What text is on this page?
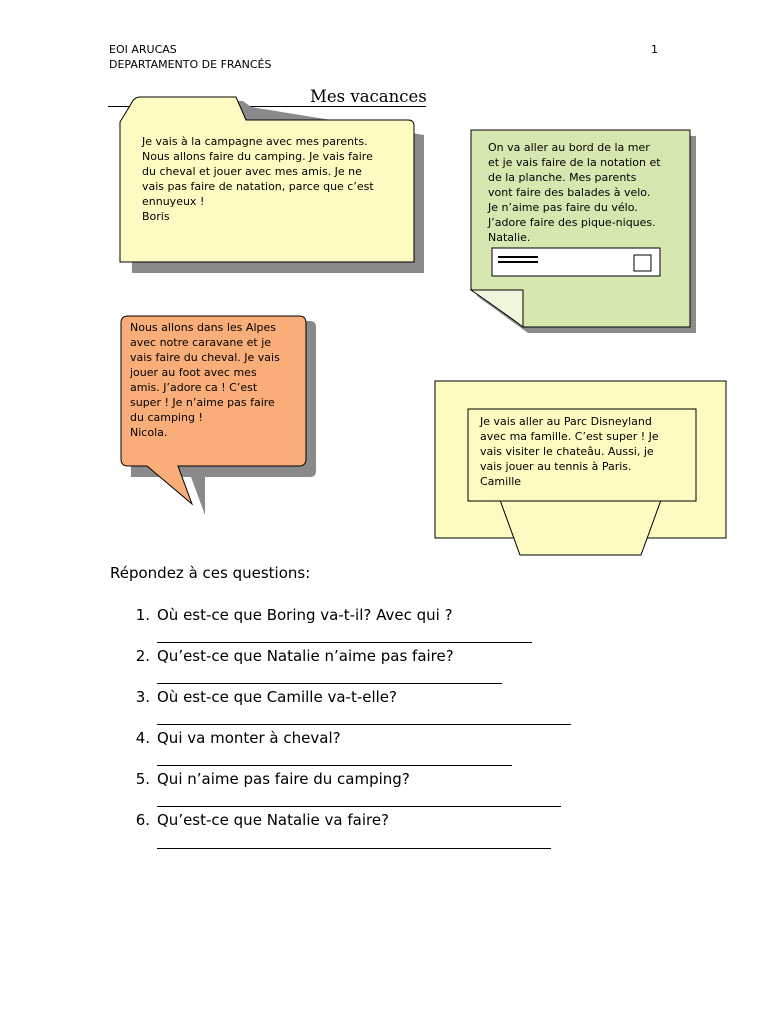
EOI ARUCAS
DEPARTAMENTO DE FRANCÉS
1
Mes vacances
Je vais à la campagne avec mes parents.
Nous allons faire du camping. Je vais faire
du cheval et jouer avec mes amis. Je ne
vais pas faire de natation, parce que c’est
ennuyeux !
Boris
On va aller au bord de la mer
et je vais faire de la notation et
de la planche. Mes parents
vont faire des balades à velo.
Je n’aime pas faire du vélo.
J’adore faire des pique-niques.
Natalie.
Nous allons dans les Alpes
avec notre caravane et je
vais faire du cheval. Je vais
jouer au foot avec mes
amis. J’adore ca ! C’est
super ! Je n’aime pas faire
du camping !
Nicola.
Je vais aller au Parc Disneyland
avec ma famille. C’est super ! Je
vais visiter le chateâu. Aussi, je
vais jouer au tennis à Paris.
Camille
Répondez à ces questions:
1. Où est-ce que Boring va-t-il? Avec qui ?
2. Qu’est-ce que Natalie n’aime pas faire?
3. Où est-ce que Camille va-t-elle?
4. Qui va monter à cheval?
5. Qui n’aime pas faire du camping?
6. Qu’est-ce que Natalie va faire?
